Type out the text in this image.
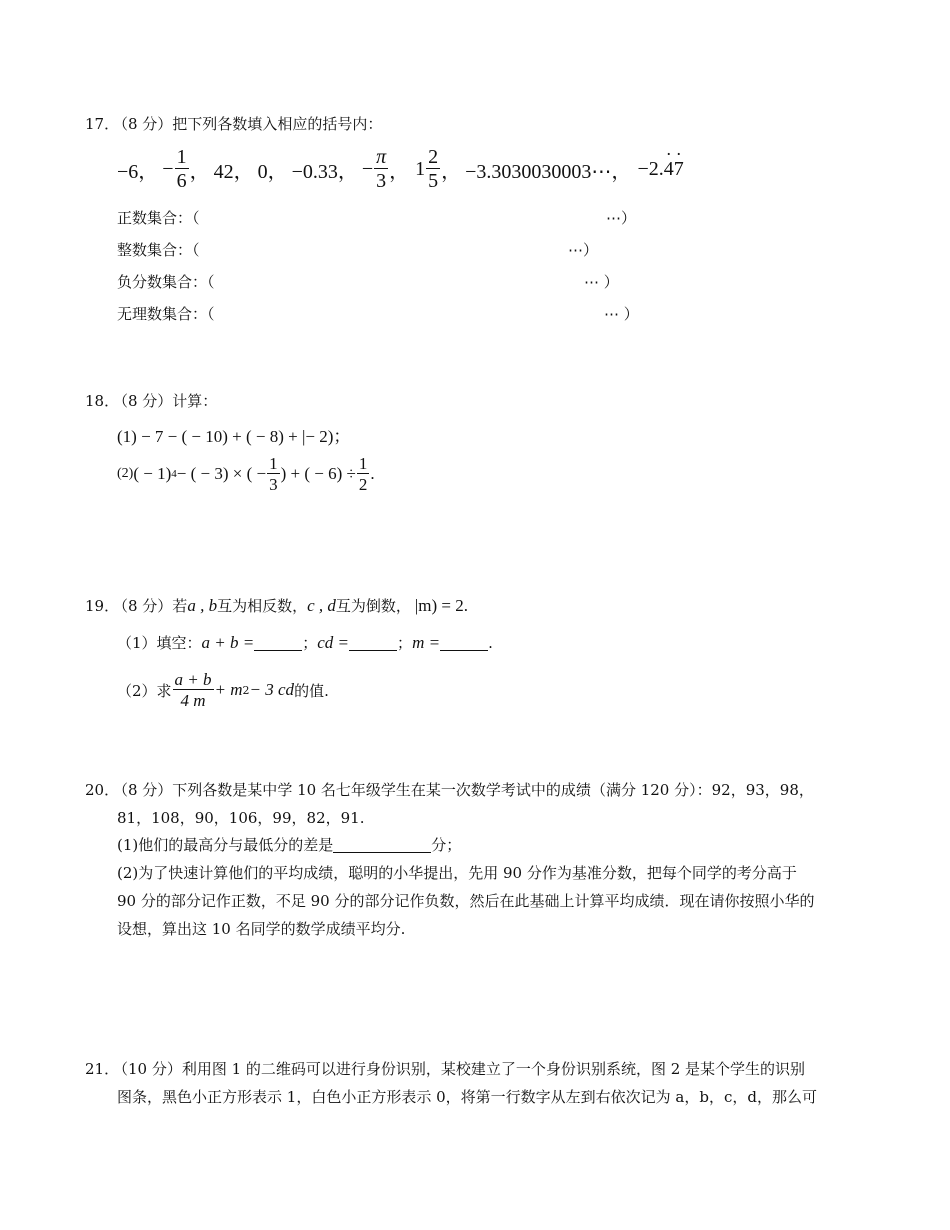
17．（8 分）把下列各数填入相应的括号内：
−6， − $\frac{1}{6}$ ， 42， 0， −0.33， − $\frac{\pi}{3}$ ， $1 \frac{2}{5}$ ， −3.3030030003⋯， −2. · 4 · 7
正数集合：（	⋯）
整数集合：（	⋯）
负分数集合：（	⋯ ）
无理数集合：（	⋯ ）
18．（8 分）计算：
(1) − 7 − ( − 10) + ( − 8) + |− 2)；
(2) ( − 1) 4 − ( − 3) × ( − $\frac{1}{3}$ ) + ( − $6) \div \frac{1}{2}$ .
19．
（8 分）若 a , b 互为相反数， c , d 互为倒数， |m) = 2.
（1）填空： a + b =	； cd =	； m =	.
（2）求 $\frac{a + b}{4 m} + m$ 2 − 3 cd 的值.
20．（8 分）下列各数是某中学 10 名七年级学生在某一次数学考试中的成绩（满分 120 分）：92，93，98，
81，108，90，106，99，82，91.
(1)他们的最高分与最低分的差是	分；
(2)为了快速计算他们的平均成绩，聪明的小华提出，先用 90 分作为基准分数，把每个同学的考分高于
90 分的部分记作正数，不足 90 分的部分记作负数，然后在此基础上计算平均成绩．现在请你按照小华的
设想，算出这 10 名同学的数学成绩平均分.
21．（10 分）利用图 1 的二维码可以进行身份识别，某校建立了一个身份识别系统，图 2 是某个学生的识别
图条，黑色小正方形表示 1，白色小正方形表示 0，将第一行数字从左到右依次记为 a，b，c，d，那么可
